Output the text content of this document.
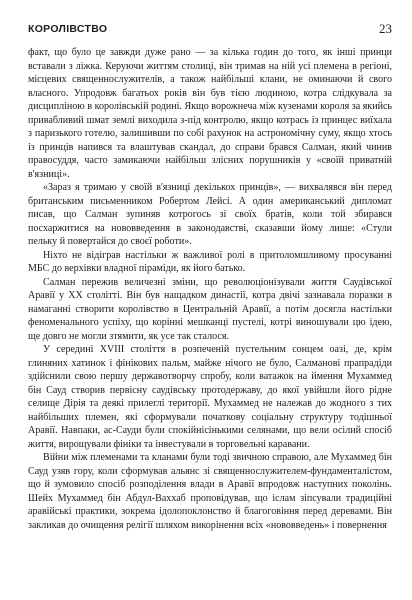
КОРОЛІВСТВО	23

факт, що було це завжди дуже рано — за кілька годин до того, як інші принци вставали з ліжка. Керуючи життям столиці, він тримав на ній усі племена в регіоні, місцевих священнослужителів, а також найбільші клани, не оминаючи й свого власного. Упродовж багатьох років він був тією людиною, котра слідкувала за дисципліною в королівській родині. Якщо ворожнеча між кузенами короля за якийсь привабливий шмат землі виходила з-під контролю, якщо котрась із принцес виїхала з паризького готелю, залишивши по собі рахунок на астрономічну суму, якщо хтось із принців напився та влаштував скандал, до справи брався Салман, який чинив правосуддя, часто замикаючи найбільш злісних порушників у «своїй приватній в'язниці».

«Зараз я тримаю у своїй в'язниці декількох принців», — вихвалявся він перед британським письменником Робертом Лейсі. А один американський дипломат писав, що Салман зупиняв котрогось зі своїх братів, коли той збирався посхаржитися на нововведення в законодавстві, сказавши йому лише: «Стули пельку й повертайся до своєї роботи».

Ніхто не відіграв настільки ж важливої ролі в притоломшливому просуванні МБС до верхівки владної піраміди, як його батько.

Салман пережив величезні зміни, що революціонізували життя Саудівської Аравії у XX столітті. Він був нащадком династії, котра двічі зазнавала поразки в намаганні створити королівство в Центральній Аравії, а потім досягла настільки феноменального успіху, що корінні мешканці пустелі, котрі виношували цю ідею, ще довго не могли зтямити, як усе так сталося.

У середині XVIII століття в розпеченій пустельним сонцем оазі, де, крім глиняних хатинок і фінікових пальм, майже нічого не було, Салманові прапрадіди здійснили свою першу державотворчу спробу, коли ватажок на ймення Мухаммед бін Сауд створив первісну саудівську протодержаву, до якої увійшли його рідне селище Дірія та деякі прилеглі території. Мухаммед не належав до жодного з тих найбільших племен, які сформували початкову соціальну структуру тодішньої Аравії. Навпаки, ас-Сауди були спокійнісінькими селянами, що вели осілий спосіб життя, вирощували фініки та інвестували в торговельні каравани.

Війни між племенами та кланами були тоді звичною справою, але Мухаммед бін Сауд узяв гору, коли сформував альянс зі священнослужителем-фундаменталістом, що й зумовило спосіб розподілення влади в Аравії впродовж наступних поколінь. Шейх Мухаммед бін Абдул-Ваххаб проповідував, що іслам зіпсували традиційні аравійські практики, зокрема ідолопоклонство й благоговіння перед деревами. Він закликав до очищення релігії шляхом викорінення всіх «нововведень» і повернення
